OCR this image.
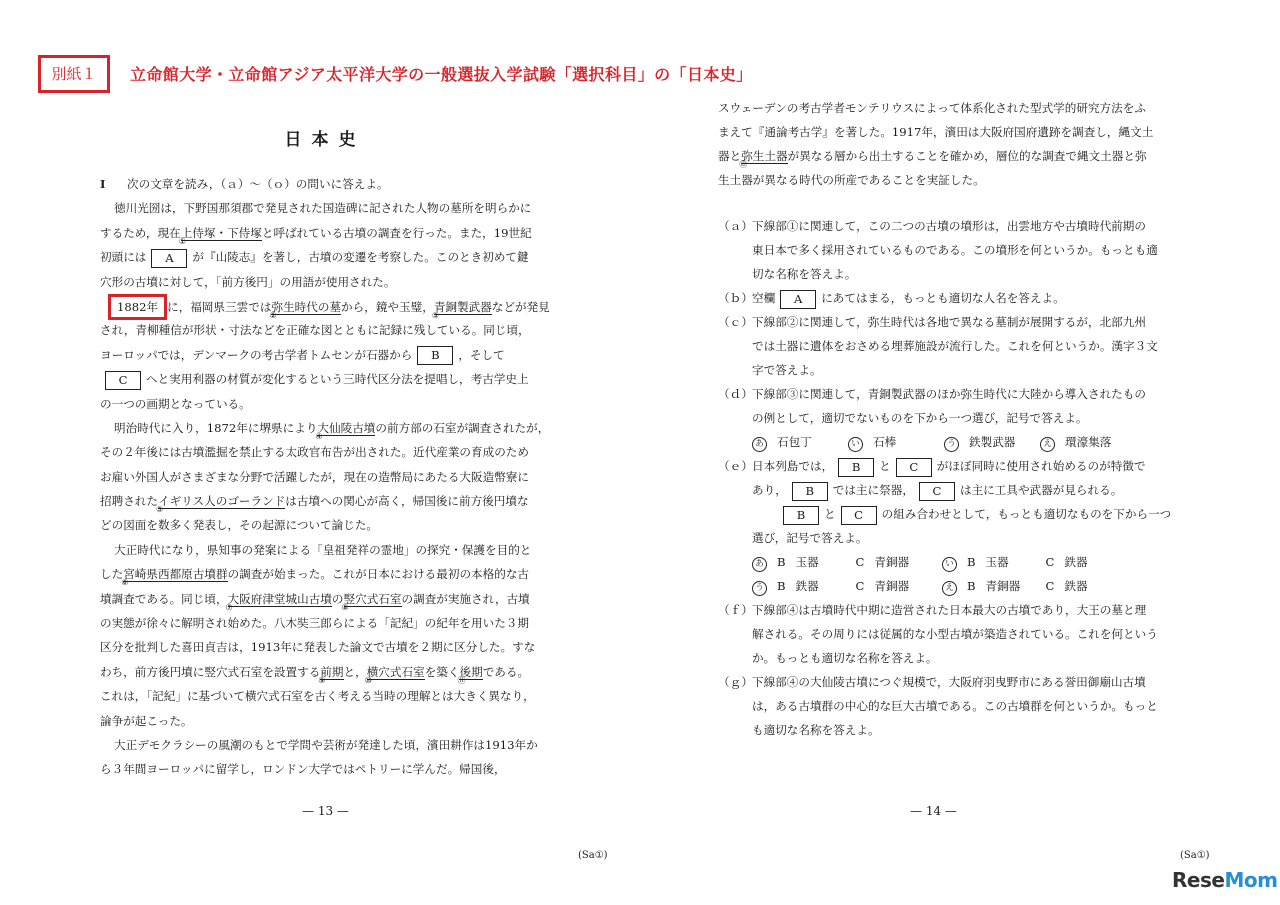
別紙１	立命館大学・立命館アジア太平洋大学の一般選抜入学試験「選択科目」の「日本史」
日本史
Ⅰ 次の文章を読み，（ａ）～（ｏ）の問いに答えよ。
徳川光圀は，下野国那須郡で発見された国造碑に記された人物の墓所を明らかに
するため，現在上侍塚・下侍塚
①
と呼ばれている古墳の調査を行った。また，19世紀
初頭には A が『山陵志』を著し，古墳の変遷を考察した。このとき初めて鍵
穴形の古墳に対して，「前方後円」の用語が使用された。
1882年 に，福岡県三雲では弥生時代の墓
②
から，鏡や玉璧，青銅製武器
③
などが発見
され，青柳種信が形状・寸法などを正確な図とともに記録に残している。同じ頃，
ヨーロッパでは，デンマークの考古学者トムセンが石器から B ，そして
C へと実用利器の材質が変化するという三時代区分法を提唱し，考古学史上
の一つの画期となっている。
明治時代に入り，1872年に堺県により大仙陵古墳
④
の前方部の石室が調査されたが，
その２年後には古墳濫掘を禁止する太政官布告が出された。近代産業の育成のため
お雇い外国人がさまざまな分野で活躍したが，現在の造幣局にあたる大阪造幣寮に
招聘されたイギリス人のゴーランド
⑤
は古墳への関心が高く，帰国後に前方後円墳な
どの図面を数多く発表し，その起源について論じた。
大正時代になり，県知事の発案による「皇祖発祥の霊地」の探究・保護を目的と
した宮崎県西都原古墳群
⑥
の調査が始まった。これが日本における最初の本格的な古
墳調査である。同じ頃，大阪府津堂城山古墳
⑦
の竪穴式石室
⑧
の調査が実施され，古墳
の実態が徐々に解明され始めた。八木奘三郎らによる「記紀」の紀年を用いた３期
区分を批判した喜田貞吉は，1913年に発表した論文で古墳を２期に区分した。すな
わち，前方後円墳に竪穴式石室を設置する前期
⑨
と，横穴式石室
⑩
を築く後期
⑪
である。
これは，「記紀」に基づいて横穴式石室を古く考える当時の理解とは大きく異なり，
論争が起こった。
大正デモクラシーの風潮のもとで学問や芸術が発達した頃，濱田耕作は1913年か
ら３年間ヨーロッパに留学し，ロンドン大学ではペトリーに学んだ。帰国後，
スウェーデンの考古学者モンテリウスによって体系化された型式学的研究方法をふ
まえて『通論考古学』を著した。1917年，濱田は大阪府国府遺跡を調査し，縄文土
器と弥生土器
⑫
が異なる層から出土することを確かめ，層位的な調査で縄文土器と弥
生土器が異なる時代の所産であることを実証した。
（ａ）下線部①に関連して，この二つの古墳の墳形は，出雲地方や古墳時代前期の
東日本で多く採用されているものである。この墳形を何というか。もっとも適
切な名称を答えよ。
（ｂ）空欄 A にあてはまる，もっとも適切な人名を答えよ。
（ｃ）下線部②に関連して，弥生時代は各地で異なる墓制が展開するが，北部九州
では土器に遺体をおさめる埋葬施設が流行した。これを何というか。漢字３文
字で答えよ。
（ｄ）下線部③に関連して，青銅製武器のほか弥生時代に大陸から導入されたもの
の例として，適切でないものを下から一つ選び，記号で答えよ。
あ 石包丁	い 石棒	う 鉄製武器	え 環濠集落
（ｅ）日本列島では， B と C がほぼ同時に使用され始めるのが特徴で
あり， B では主に祭器， C は主に工具や武器が見られる。
B と C の組み合わせとして，もっとも適切なものを下から一つ
選び，記号で答えよ。
あ B 玉器	C 青銅器	い B 玉器	C 鉄器
う B 鉄器	C 青銅器	え B 青銅器 C 鉄器
（ｆ）下線部④は古墳時代中期に造営された日本最大の古墳であり，大王の墓と理
解される。その周りには従属的な小型古墳が築造されている。これを何という
か。もっとも適切な名称を答えよ。
（ｇ）下線部④の大仙陵古墳につぐ規模で，大阪府羽曳野市にある誉田御廟山古墳
は，ある古墳群の中心的な巨大古墳である。この古墳群を何というか。もっと
も適切な名称を答えよ。
— 13 —	— 14 —
(Sa①)	(Sa①)
ReseMom
